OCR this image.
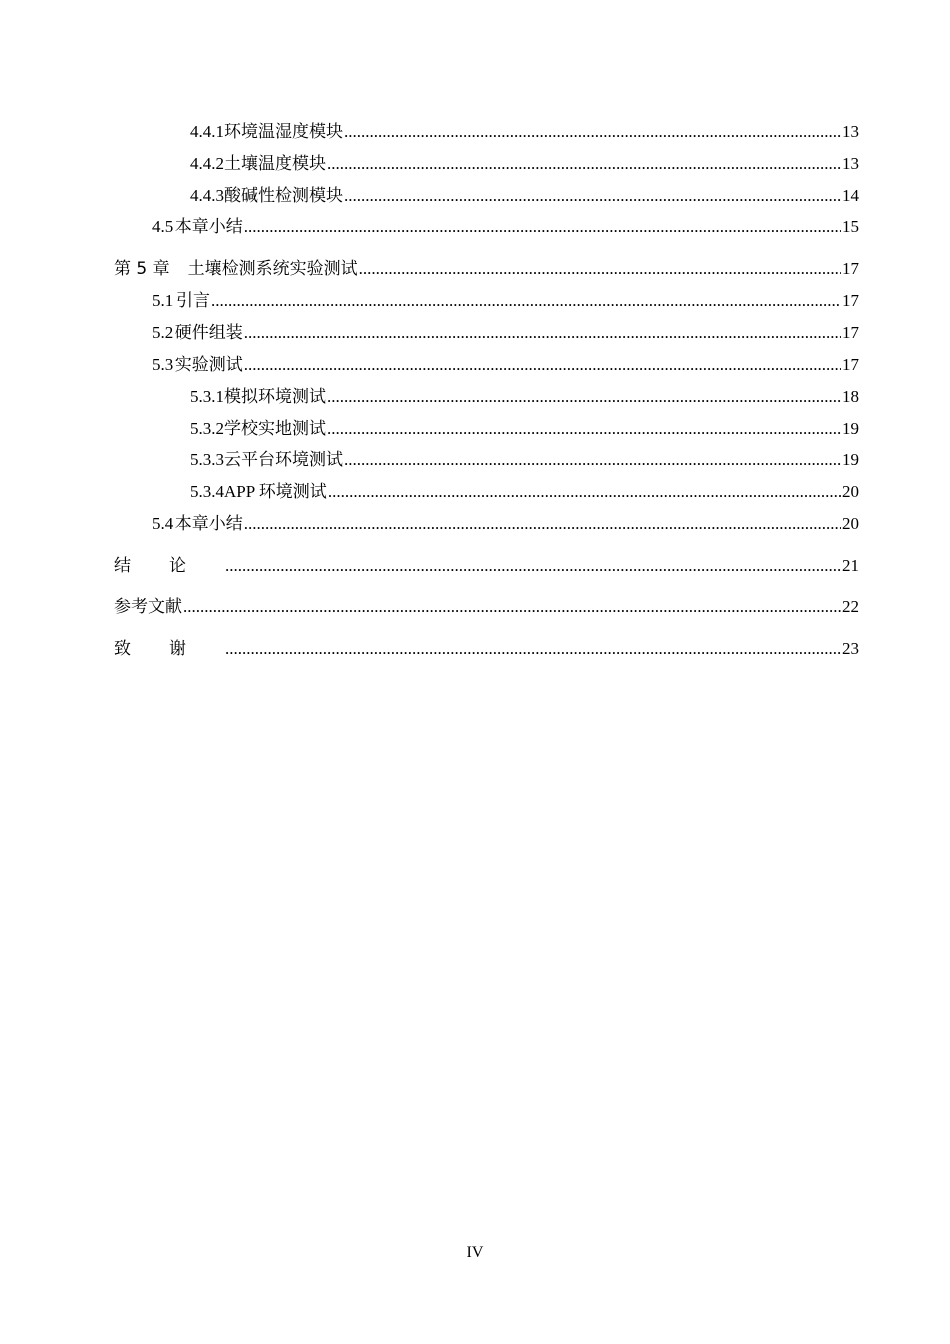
4.4.1 环境温湿度模块 .....	13
4.4.2 土壤温度模块 .....	13
4.4.3 酸碱性检测模块 .....	14
4.5 本章小结 .....	15
第 5 章 土壤检测系统实验测试 .....	17
5.1 引言 .....	17
5.2 硬件组装 .....	17
5.3 实验测试 .....	17
5.3.1 模拟环境测试 .....	18
5.3.2 学校实地测试 .....	19
5.3.3 云平台环境测试 .....	19
5.3.4 APP 环境测试 .....	20
5.4 本章小结 .....	20
结论 .....	21
参考文献 .....	22
致谢 .....	23
IV
